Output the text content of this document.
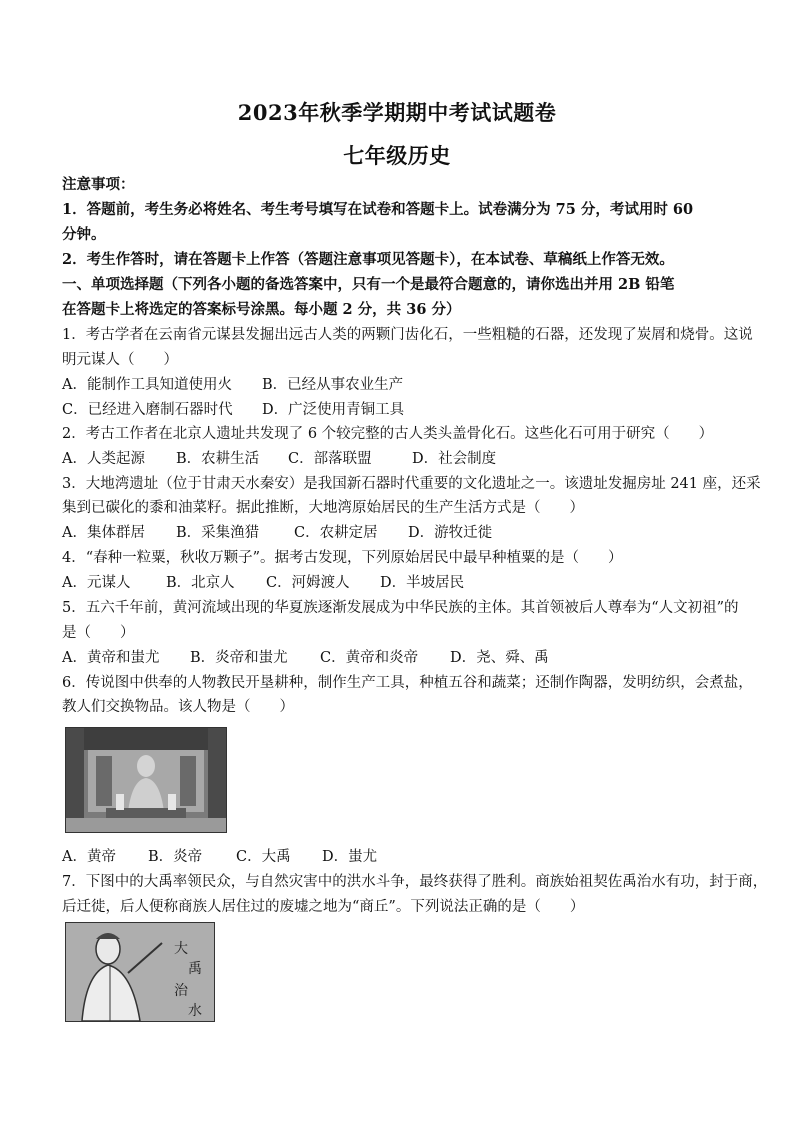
2023年秋季学期期中考试试题卷
七年级历史
注意事项：
1．答题前，考生务必将姓名、考生考号填写在试卷和答题卡上。试卷满分为 75 分，考试用时 60
分钟。
2．考生作答时，请在答题卡上作答（答题注意事项见答题卡），在本试卷、草稿纸上作答无效。
一、单项选择题（下列各小题的备选答案中，只有一个是最符合题意的，请你选出并用 2B 铅笔
在答题卡上将选定的答案标号涂黑。每小题 2 分，共 36 分）
1．考古学者在云南省元谋县发掘出远古人类的两颗门齿化石，一些粗糙的石器，还发现了炭屑和烧骨。这说
明元谋人（　　）
A．能制作工具知道使用火 B．已经从事农业生产
C．已经进入磨制石器时代 D．广泛使用青铜工具
2．考古工作者在北京人遗址共发现了 6 个较完整的古人类头盖骨化石。这些化石可用于研究（　　）
A．人类起源 B．农耕生活 C．部落联盟	D．社会制度
3．大地湾遗址（位于甘肃天水秦安）是我国新石器时代重要的文化遗址之一。该遗址发掘房址 241 座，还采
集到已碳化的黍和油菜籽。据此推断，大地湾原始居民的生产生活方式是（　　）
A．集体群居 B．采集渔猎 C．农耕定居 D．游牧迁徙
4．“春种一粒粟，秋收万颗子”。据考古发现，下列原始居民中最早种植粟的是（　　）
A．元谋人 B．北京人 C．河姆渡人 D．半坡居民
5．五六千年前，黄河流域出现的华夏族逐渐发展成为中华民族的主体。其首领被后人尊奉为“人文初祖”的
是（　　）
A．黄帝和蚩尤 B．炎帝和蚩尤 C．黄帝和炎帝 D．尧、舜、禹
6．传说图中供奉的人物教民开垦耕种，制作生产工具，种植五谷和蔬菜；还制作陶器，发明纺织，会煮盐，
教人们交换物品。该人物是（　　）
A．黄帝 B．炎帝 C．大禹 D．蚩尤
7．下图中的大禹率领民众，与自然灾害中的洪水斗争，最终获得了胜利。商族始祖契佐禹治水有功，封于商，
后迁徙，后人便称商族人居住过的废墟之地为“商丘”。下列说法正确的是（　　）
大
禹
治
水
